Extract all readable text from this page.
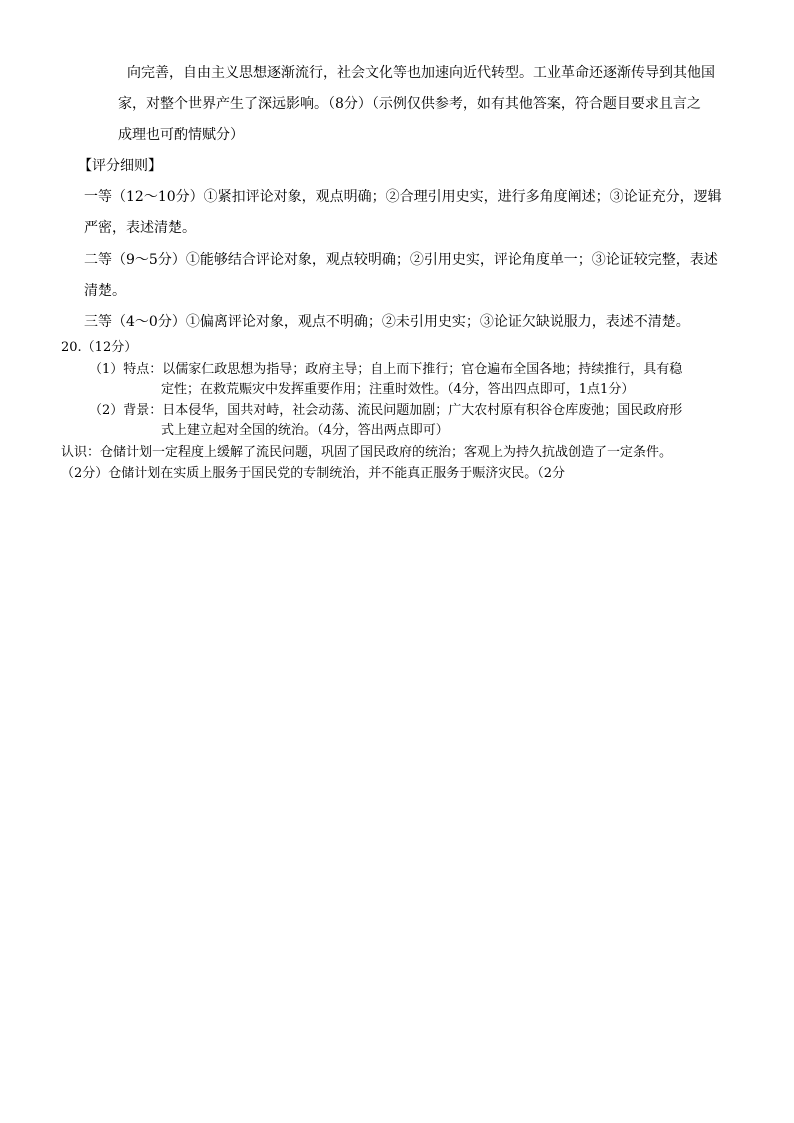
向完善，自由主义思想逐渐流行，社会文化等也加速向近代转型。工业革命还逐渐传导到其他国
家，对整个世界产生了深远影响。（8分）（示例仅供参考，如有其他答案，符合题目要求且言之
成理也可酌情赋分）
【评分细则】
一等（12～10分）①紧扣评论对象，观点明确；②合理引用史实，进行多角度阐述；③论证充分，逻辑
严密，表述清楚。
二等（9～5分）①能够结合评论对象，观点较明确；②引用史实，评论角度单一；③论证较完整，表述
清楚。
三等（4～0分）①偏离评论对象，观点不明确；②未引用史实；③论证欠缺说服力，表述不清楚。
20.（12分）
（1）特点：以儒家仁政思想为指导；政府主导；自上而下推行；官仓遍布全国各地；持续推行，具有稳
定性；在救荒赈灾中发挥重要作用；注重时效性。（4分，答出四点即可，1点1分）
（2）背景：日本侵华，国共对峙，社会动荡、流民问题加剧；广大农村原有积谷仓库废弛；国民政府形
式上建立起对全国的统治。（4分，答出两点即可）
认识：仓储计划一定程度上缓解了流民问题，巩固了国民政府的统治；客观上为持久抗战创造了一定条件。
（2分）仓储计划在实质上服务于国民党的专制统治，并不能真正服务于赈济灾民。（2分
